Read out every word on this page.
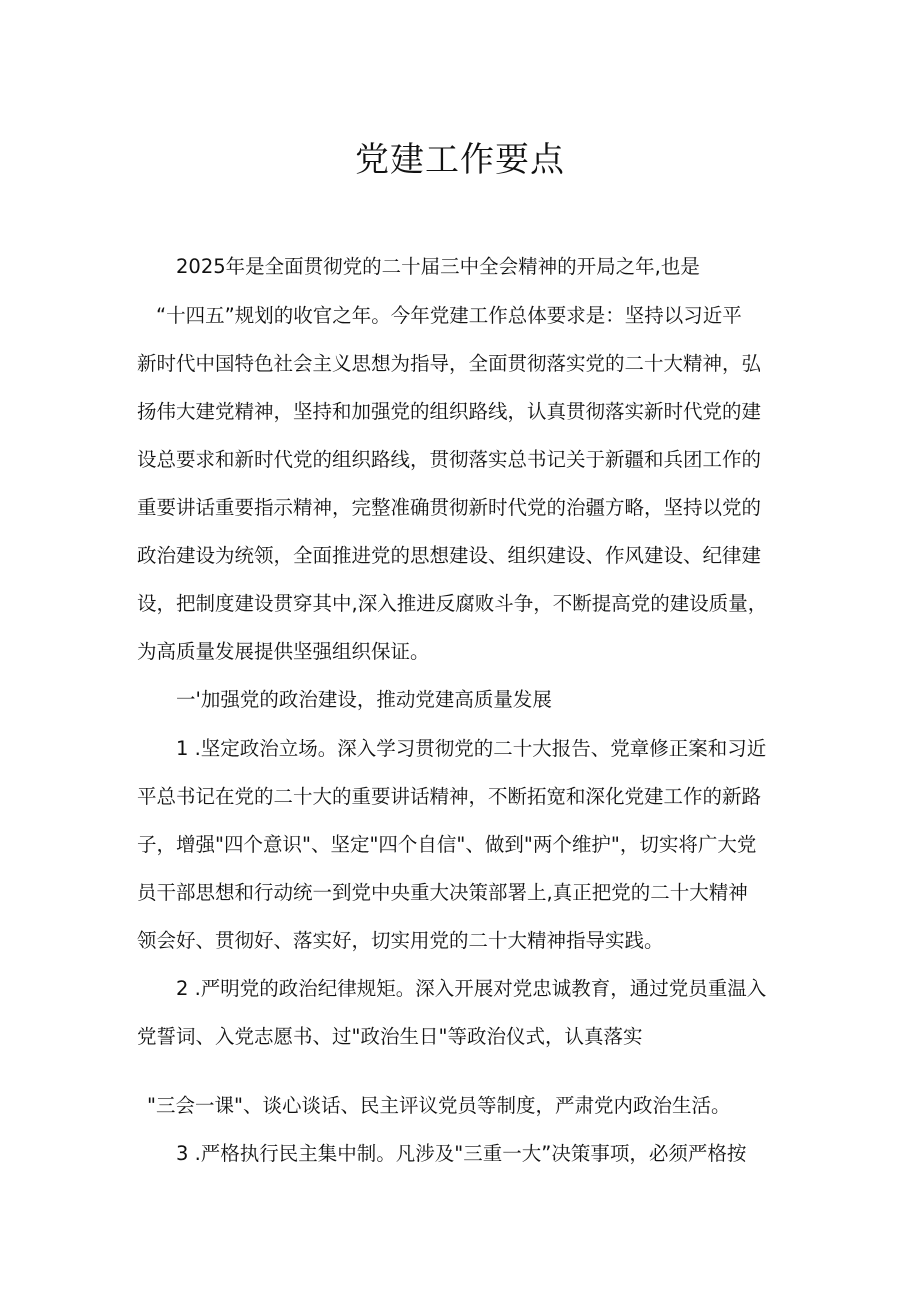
党建工作要点

2025年是全面贯彻党的二十届三中全会精神的开局之年,也是

“十四五”规划的收官之年。今年党建工作总体要求是：坚持以习近平

新时代中国特色社会主义思想为指导，全面贯彻落实党的二十大精神，弘

扬伟大建党精神，坚持和加强党的组织路线，认真贯彻落实新时代党的建

设总要求和新时代党的组织路线，贯彻落实总书记关于新疆和兵团工作的

重要讲话重要指示精神，完整准确贯彻新时代党的治疆方略，坚持以党的

政治建设为统领，全面推进党的思想建设、组织建设、作风建设、纪律建

设，把制度建设贯穿其中,深入推进反腐败斗争，不断提高党的建设质量，

为高质量发展提供坚强组织保证。

一'加强党的政治建设，推动党建高质量发展

1 .坚定政治立场。深入学习贯彻党的二十大报告、党章修正案和习近

平总书记在党的二十大的重要讲话精神，不断拓宽和深化党建工作的新路

子，增强"四个意识"、坚定"四个自信"、做到"两个维护"，切实将广大党

员干部思想和行动统一到党中央重大决策部署上,真正把党的二十大精神

领会好、贯彻好、落实好，切实用党的二十大精神指导实践。

2 .严明党的政治纪律规矩。深入开展对党忠诚教育，通过党员重温入

党誓词、入党志愿书、过"政治生日"等政治仪式，认真落实

"三会一课"、谈心谈话、民主评议党员等制度，严肃党内政治生活。

3 .严格执行民主集中制。凡涉及"三重一大”决策事项，必须严格按
